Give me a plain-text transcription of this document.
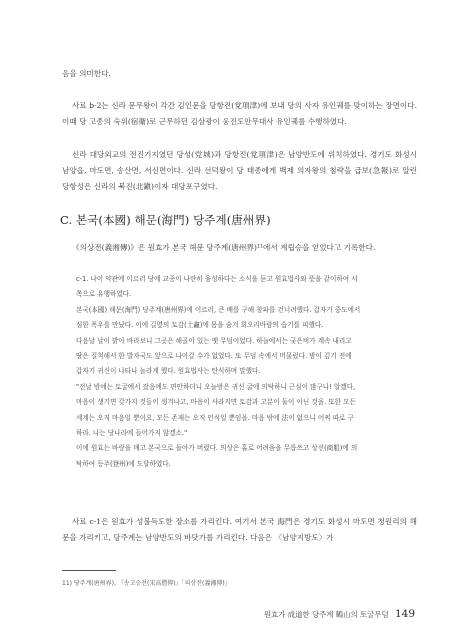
음을 의미한다.
사료 b-2는 신라 문무왕이 각간 김인문을 당항진(党項津)에 보내 당의 사자 유인궤를 맞이하는 장면이다. 이때 당 고종의 숙위(宿衛)로 근무하던 김삼광이 웅진도안무대사 유인궤를 수행하였다.
신라 대당외교의 전진기지였던 당성(党城)과 당항진(党項津)은 남양반도에 위치하였다. 경기도 화성시 남양읍, 마도면, 송산면, 서신면이다. 신라 선덕왕이 당 태종에게 백제 의자왕의 침략을 급보(急報)로 알린 당항성은 신라의 북진(北鎭)이자 대당포구였다.
C. 본국(本國) 해문(海門) 당주계(唐州界)
《의상전(義湘傳)》은 원효가 본국 해문 당주계(唐州界)¹¹에서 계립승을 얻었다고 기록한다.
c-1. 나이 약관에 이르러 당에 교종이 나란히 융성하다는 소식을 듣고 원효법사와 뜻을 같이하여 서
쪽으로 유행하였다.
본국(本國) 해문(海門) 당주계(唐州界)에 이르러, 큰 배를 구해 창파를 건너려했다. 갑자기 중도에서
심한 폭우를 만났다. 이에 길옆의 토감(土龕)에 몸을 숨겨 회오리바람의 습기를 피했다.
다음날 날이 밝아 바라보니 그곳은 해골이 있는 옛 무덤이었다. 하늘에서는 궂은비가 계속 내리고
땅은 질척해서 한 발자국도 앞으로 나아갈 수가 없었다. 또 무덤 속에서 머물렀다. 밤이 깊기 전에
갑자기 귀신이 나타나 놀라게 했다. 원효법사는 탄식하며 말했다.
"전날 밤에는 토굴에서 잤음에도 편안하더니 오늘밤은 귀신 굴에 의탁하니 근심이 많구나! 알겠다,
마음이 생기면 갖가지 것들이 생겨나고, 마음이 사라지면 토감과 고분이 둘이 아닌 것을. 또한 모든
세계는 오직 마음일 뿐이요, 모든 존재는 오직 인식일 뿐임을. 마음 밖에 法이 없으니 어찌 따로 구
하라. 나는 당나라에 들어가지 않겠소."
이에 원효는 바랑을 매고 본국으로 돌아가 버렸다. 의상은 홀로 어려움을 무릅쓰고 상선(商船)에 의
탁하여 등주(登州)에 도달하였다.
사료 c-1은 원효가 성불득도한 장소를 가리킨다. 여기서 본국 海門은 경기도 화성시 마도면 청원리의 해문을 가리키고, 당주계는 남양반도의 바닷가를 가리킨다. 다음은 〈남양지방도〉가
11) 당주계(唐州界), 『송고승전(宋高僧傳)』「의상전(義湘傳)」
원효가 成道한 당주계 鶴山의 토굴무덤 149
